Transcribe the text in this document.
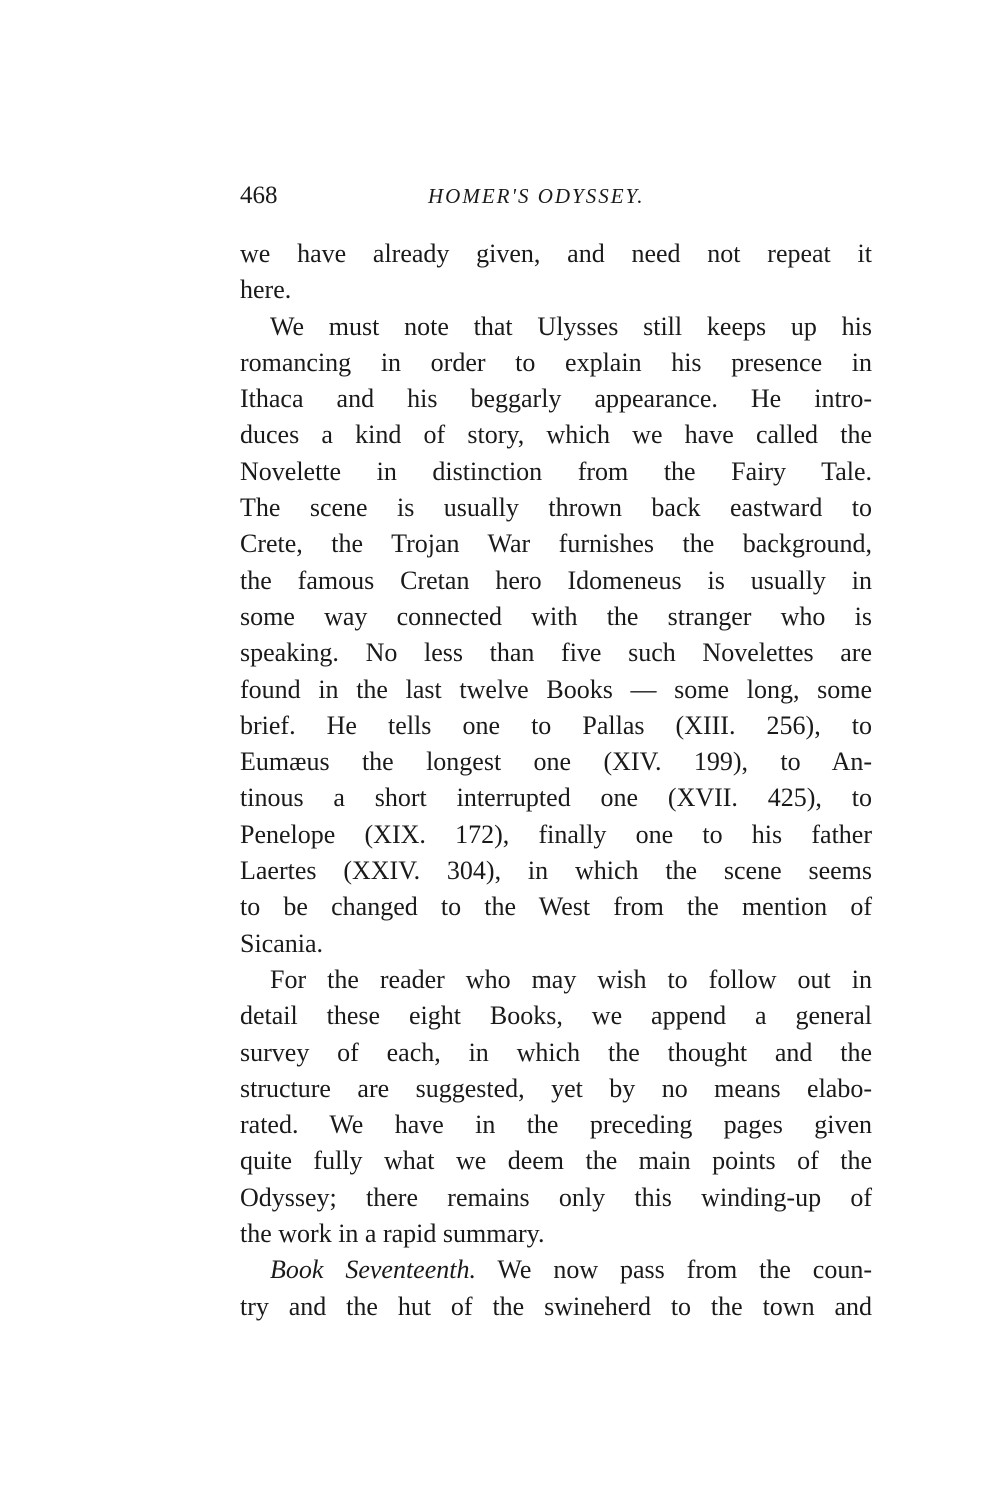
468	HOMER'S ODYSSEY.
we have already given, and need not repeat it
here.
We must note that Ulysses still keeps up his
romancing in order to explain his presence in
Ithaca and his beggarly appearance. He intro-
duces a kind of story, which we have called the
Novelette in distinction from the Fairy Tale.
The scene is usually thrown back eastward to
Crete, the Trojan War furnishes the background,
the famous Cretan hero Idomeneus is usually in
some way connected with the stranger who is
speaking. No less than five such Novelettes are
found in the last twelve Books — some long, some
brief. He tells one to Pallas (XIII. 256), to
Eumæus the longest one (XIV. 199), to An-
tinous a short interrupted one (XVII. 425), to
Penelope (XIX. 172), finally one to his father
Laertes (XXIV. 304), in which the scene seems
to be changed to the West from the mention of
Sicania.
For the reader who may wish to follow out in
detail these eight Books, we append a general
survey of each, in which the thought and the
structure are suggested, yet by no means elabo-
rated. We have in the preceding pages given
quite fully what we deem the main points of the
Odyssey; there remains only this winding-up of
the work in a rapid summary.
Book Seventeenth. We now pass from the coun-
try and the hut of the swineherd to the town and
